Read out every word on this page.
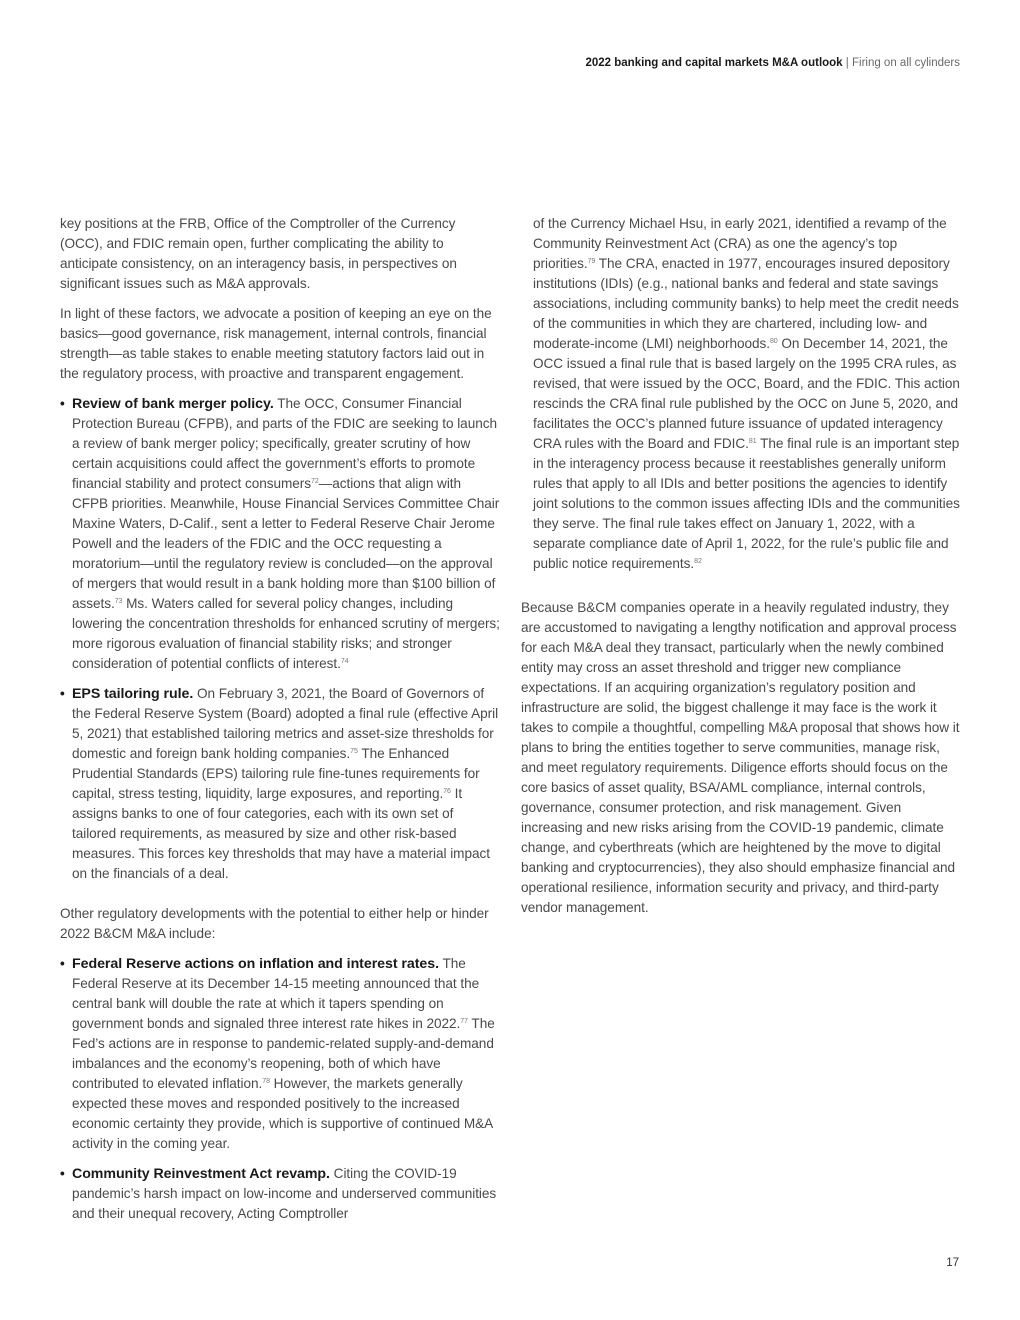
2022 banking and capital markets M&A outlook | Firing on all cylinders

key positions at the FRB, Office of the Comptroller of the Currency (OCC), and FDIC remain open, further complicating the ability to anticipate consistency, on an interagency basis, in perspectives on significant issues such as M&A approvals.

In light of these factors, we advocate a position of keeping an eye on the basics—good governance, risk management, internal controls, financial strength—as table stakes to enable meeting statutory factors laid out in the regulatory process, with proactive and transparent engagement.

• Review of bank merger policy. The OCC, Consumer Financial Protection Bureau (CFPB), and parts of the FDIC are seeking to launch a review of bank merger policy; specifically, greater scrutiny of how certain acquisitions could affect the government’s efforts to promote financial stability and protect consumers$^{72}$—actions that align with CFPB priorities. Meanwhile, House Financial Services Committee Chair Maxine Waters, D-Calif., sent a letter to Federal Reserve Chair Jerome Powell and the leaders of the FDIC and the OCC requesting a moratorium—until the regulatory review is concluded—on the approval of mergers that would result in a bank holding more than $100 billion of assets.$^{73}$ Ms. Waters called for several policy changes, including lowering the concentration thresholds for enhanced scrutiny of mergers; more rigorous evaluation of financial stability risks; and stronger consideration of potential conflicts of interest.$^{74}$
• EPS tailoring rule. On February 3, 2021, the Board of Governors of the Federal Reserve System (Board) adopted a final rule (effective April 5, 2021) that established tailoring metrics and asset-size thresholds for domestic and foreign bank holding companies.$^{75}$ The Enhanced Prudential Standards (EPS) tailoring rule fine-tunes requirements for capital, stress testing, liquidity, large exposures, and reporting.$^{76}$ It assigns banks to one of four categories, each with its own set of tailored requirements, as measured by size and other risk-based measures. This forces key thresholds that may have a material impact on the financials of a deal.

Other regulatory developments with the potential to either help or hinder 2022 B&CM M&A include:

• Federal Reserve actions on inflation and interest rates. The Federal Reserve at its December 14-15 meeting announced that the central bank will double the rate at which it tapers spending on government bonds and signaled three interest rate hikes in 2022.77 The Fed’s actions are in response to pandemic-related supply-and-demand imbalances and the economy’s reopening, both of which have contributed to elevated inflation.$^{78}$ However, the markets generally expected these moves and responded positively to the increased economic certainty they provide, which is supportive of continued M&A activity in the coming year.
• Community Reinvestment Act revamp. Citing the COVID-19 pandemic’s harsh impact on low-income and underserved communities and their unequal recovery, Acting Comptroller

of the Currency Michael Hsu, in early 2021, identified a revamp of the Community Reinvestment Act (CRA) as one the agency’s top priorities.$^{79}$ The CRA, enacted in 1977, encourages insured depository institutions (IDIs) (e.g., national banks and federal and state savings associations, including community banks) to help meet the credit needs of the communities in which they are chartered, including low- and moderate-income (LMI) neighborhoods.$^{80}$ On December 14, 2021, the OCC issued a final rule that is based largely on the 1995 CRA rules, as revised, that were issued by the OCC, Board, and the FDIC. This action rescinds the CRA final rule published by the OCC on June 5, 2020, and facilitates the OCC’s planned future issuance of updated interagency CRA rules with the Board and FDIC.$^{81}$ The final rule is an important step in the interagency process because it reestablishes generally uniform rules that apply to all IDIs and better positions the agencies to identify joint solutions to the common issues affecting IDIs and the communities they serve. The final rule takes effect on January 1, 2022, with a separate compliance date of April 1, 2022, for the rule’s public file and public notice requirements.$^{82}$

Because B&CM companies operate in a heavily regulated industry, they are accustomed to navigating a lengthy notification and approval process for each M&A deal they transact, particularly when the newly combined entity may cross an asset threshold and trigger new compliance expectations. If an acquiring organization’s regulatory position and infrastructure are solid, the biggest challenge it may face is the work it takes to compile a thoughtful, compelling M&A proposal that shows how it plans to bring the entities together to serve communities, manage risk, and meet regulatory requirements. Diligence efforts should focus on the core basics of asset quality, BSA/AML compliance, internal controls, governance, consumer protection, and risk management. Given increasing and new risks arising from the COVID-19 pandemic, climate change, and cyberthreats (which are heightened by the move to digital banking and cryptocurrencies), they also should emphasize financial and operational resilience, information security and privacy, and third-party vendor management.

17
